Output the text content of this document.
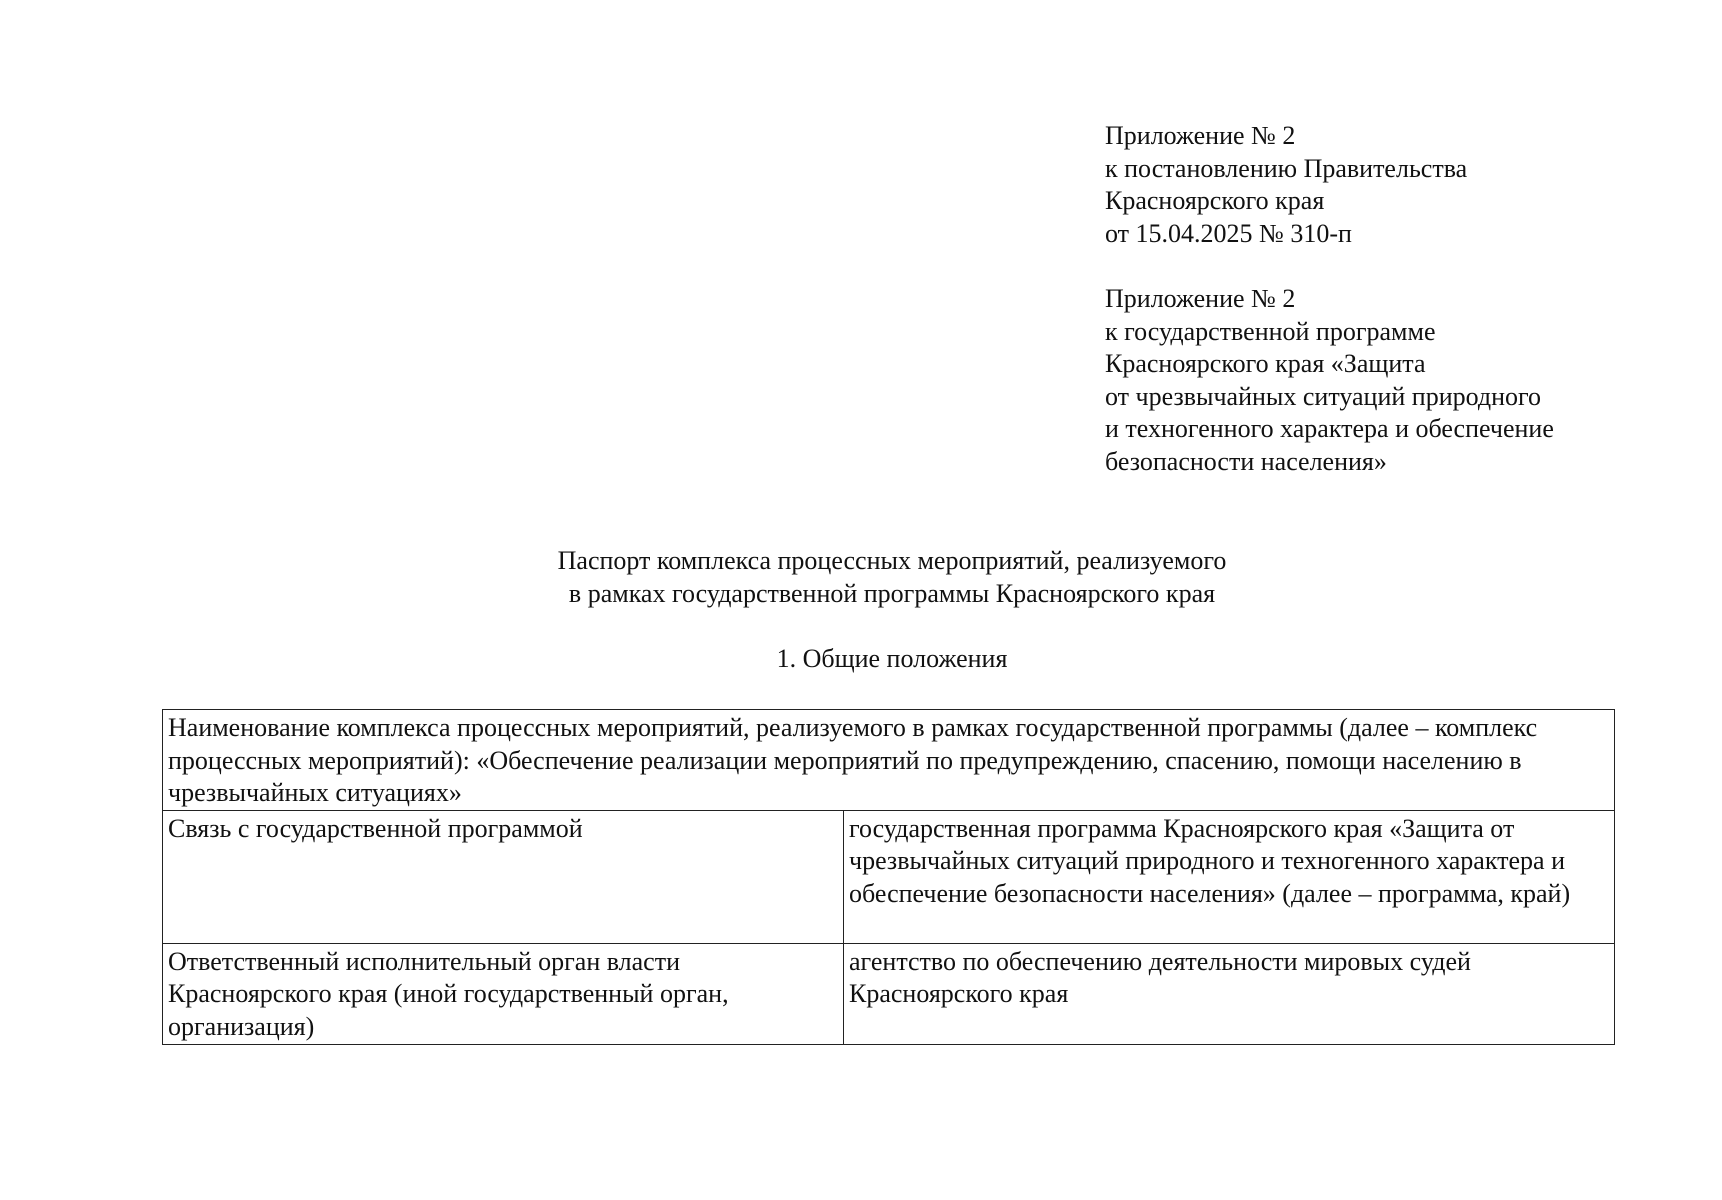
Приложение № 2
к постановлению Правительства
Красноярского края
от 15.04.2025 № 310-п
Приложение № 2
к государственной программе
Красноярского края «Защита
от чрезвычайных ситуаций природного
и техногенного характера и обеспечение
безопасности населения»
Паспорт комплекса процессных мероприятий, реализуемого
в рамках государственной программы Красноярского края
1. Общие положения
Наименование комплекса процессных мероприятий, реализуемого в рамках государственной программы (далее – комплекс процессных мероприятий): «Обеспечение реализации мероприятий по предупреждению, спасению, помощи населению в чрезвычайных ситуациях»	
Связь с государственной программой	государственная программа Красноярского края «Защита от чрезвычайных ситуаций природного и техногенного характера и обеспечение безопасности населения» (далее – программа, край)
Ответственный исполнительный орган власти Красноярского края (иной государственный орган, организация)	агентство по обеспечению деятельности мировых судей Красноярского края
